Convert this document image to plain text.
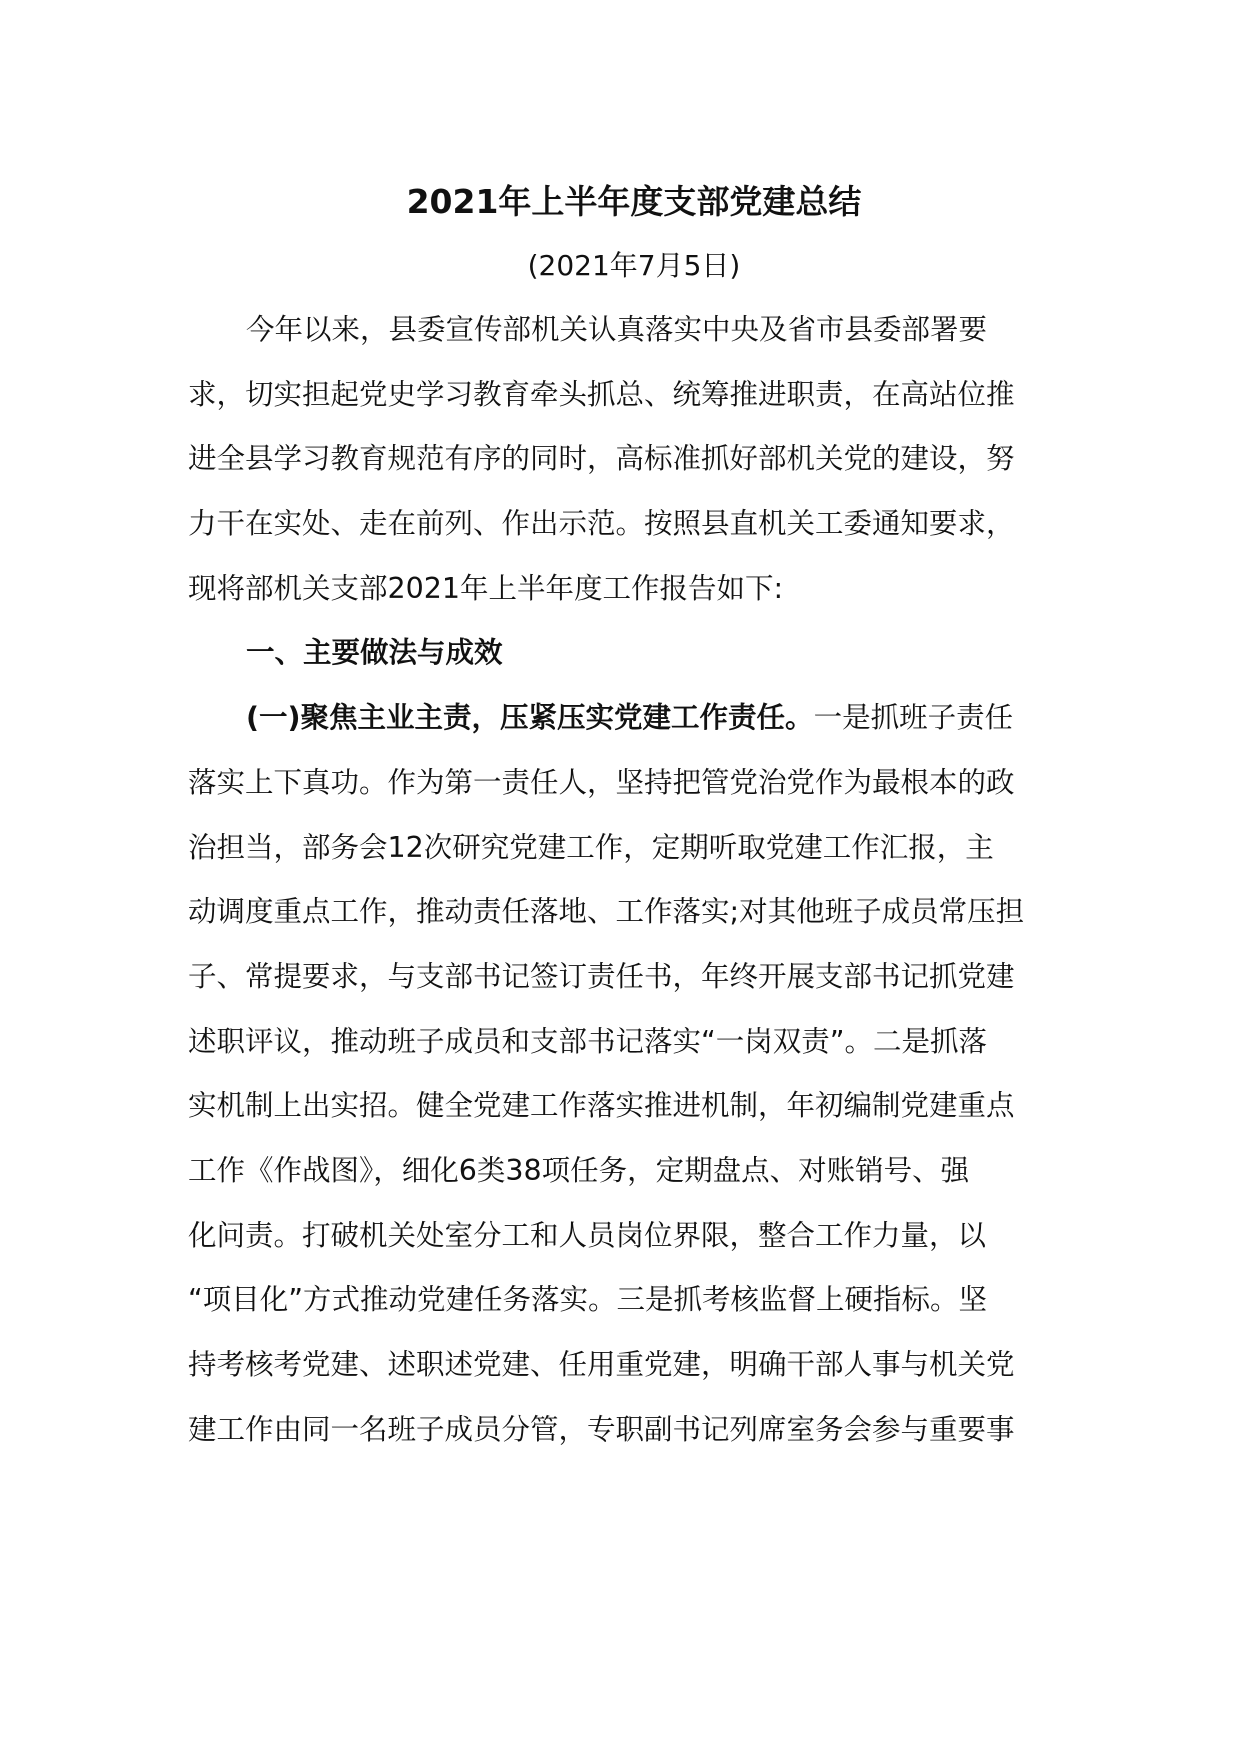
2021年上半年度支部党建总结

(2021年7月5日)

今年以来，县委宣传部机关认真落实中央及省市县委部署要
求，切实担起党史学习教育牵头抓总、统筹推进职责，在高站位推
进全县学习教育规范有序的同时，高标准抓好部机关党的建设，努
力干在实处、走在前列、作出示范。按照县直机关工委通知要求，
现将部机关支部2021年上半年度工作报告如下:
一、主要做法与成效
(一)聚焦主业主责，压紧压实党建工作责任。一是抓班子责任
落实上下真功。作为第一责任人，坚持把管党治党作为最根本的政
治担当，部务会12次研究党建工作，定期听取党建工作汇报，主
动调度重点工作，推动责任落地、工作落实;对其他班子成员常压担
子、常提要求，与支部书记签订责任书，年终开展支部书记抓党建
述职评议，推动班子成员和支部书记落实“一岗双责”。二是抓落
实机制上出实招。健全党建工作落实推进机制，年初编制党建重点
工作《作战图》，细化6类38项任务，定期盘点、对账销号、强
化问责。打破机关处室分工和人员岗位界限，整合工作力量，以
“项目化”方式推动党建任务落实。三是抓考核监督上硬指标。坚
持考核考党建、述职述党建、任用重党建，明确干部人事与机关党
建工作由同一名班子成员分管，专职副书记列席室务会参与重要事
